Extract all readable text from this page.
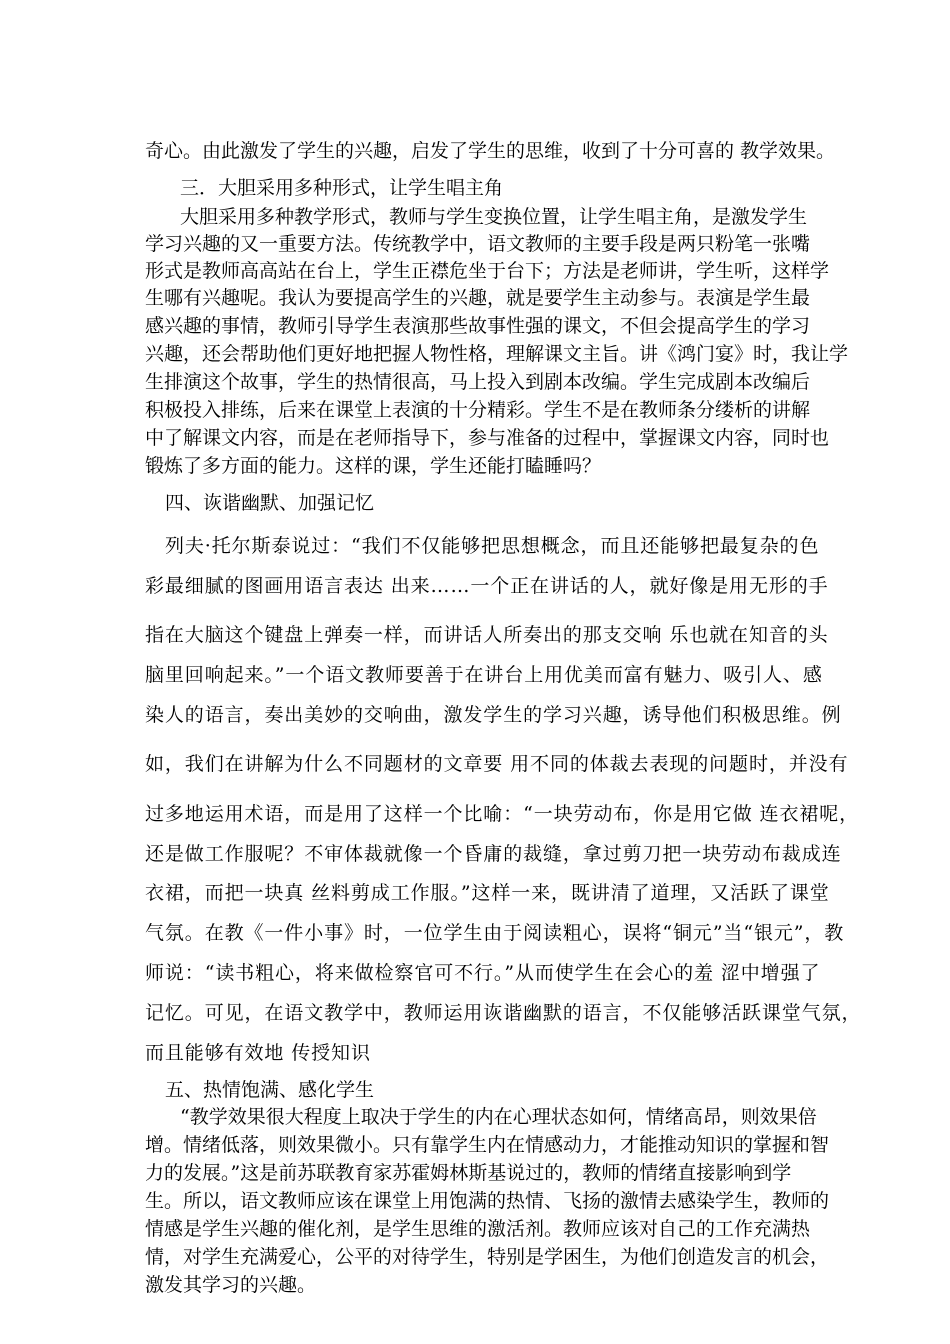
奇心。由此激发了学生的兴趣，启发了学生的思维，收到了十分可喜的 教学效果。
三．大胆采用多种形式，让学生唱主角
大胆采用多种教学形式，教师与学生变换位置，让学生唱主角，是激发学生
学习兴趣的又一重要方法。传统教学中，语文教师的主要手段是两只粉笔一张嘴
形式是教师高高站在台上，学生正襟危坐于台下；方法是老师讲，学生听，这样学
生哪有兴趣呢。我认为要提高学生的兴趣，就是要学生主动参与。表演是学生最
感兴趣的事情，教师引导学生表演那些故事性强的课文，不但会提高学生的学习
兴趣，还会帮助他们更好地把握人物性格，理解课文主旨。讲《鸿门宴》时，我让学
生排演这个故事，学生的热情很高，马上投入到剧本改编。学生完成剧本改编后
积极投入排练，后来在课堂上表演的十分精彩。学生不是在教师条分缕析的讲解
中了解课文内容，而是在老师指导下，参与准备的过程中，掌握课文内容，同时也
锻炼了多方面的能力。这样的课，学生还能打瞌睡吗？
四、诙谐幽默、加强记忆
列夫·托尔斯泰说过：“我们不仅能够把思想概念，而且还能够把最复杂的色
彩最细腻的图画用语言表达 出来……一个正在讲话的人，就好像是用无形的手
指在大脑这个键盘上弹奏一样，而讲话人所奏出的那支交响 乐也就在知音的头
脑里回响起来。”一个语文教师要善于在讲台上用优美而富有魅力、吸引人、感
染人的语言，奏出美妙的交响曲，激发学生的学习兴趣，诱导他们积极思维。例
如，我们在讲解为什么不同题材的文章要 用不同的体裁去表现的问题时，并没有
过多地运用术语，而是用了这样一个比喻：“一块劳动布，你是用它做 连衣裙呢，
还是做工作服呢？不审体裁就像一个昏庸的裁缝，拿过剪刀把一块劳动布裁成连
衣裙，而把一块真 丝料剪成工作服。”这样一来，既讲清了道理，又活跃了课堂
气氛。在教《一件小事》时，一位学生由于阅读粗心，误将“铜元”当“银元”，教
师说：“读书粗心，将来做检察官可不行。”从而使学生在会心的羞 涩中增强了
记忆。可见，在语文教学中，教师运用诙谐幽默的语言，不仅能够活跃课堂气氛，
而且能够有效地 传授知识
五、热情饱满、感化学生
“教学效果很大程度上取决于学生的内在心理状态如何，情绪高昂，则效果倍
增。情绪低落，则效果微小。只有靠学生内在情感动力，才能推动知识的掌握和智
力的发展。”这是前苏联教育家苏霍姆林斯基说过的，教师的情绪直接影响到学
生。所以，语文教师应该在课堂上用饱满的热情、飞扬的激情去感染学生，教师的
情感是学生兴趣的催化剂，是学生思维的激活剂。教师应该对自己的工作充满热
情，对学生充满爱心，公平的对待学生，特别是学困生，为他们创造发言的机会，
激发其学习的兴趣。
